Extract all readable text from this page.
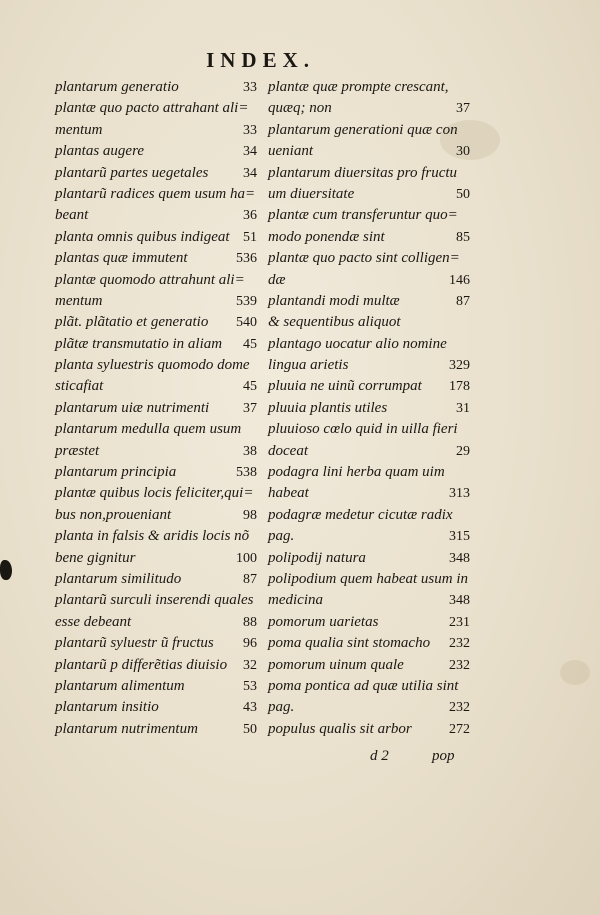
INDEX.
plantarum generatio	33
plantæ quo pacto attrahant ali=
mentum	33
plantas augere	34
plantarũ partes uegetales 34
plantarũ radices quem usum ha=
beant	36
planta omnis quibus indigeat 51
plantas quæ immutent	536
plantæ quomodo attrahunt ali=
mentum	539
plãt. plãtatio et generatio 540
plãtæ transmutatio in aliam 45
planta syluestris quomodo dome
sticafiat	45
plantarum uiæ nutrimenti 37
plantarum medulla quem usum
præstet	38
plantarum principia	538
plantæ quibus locis feliciter,qui=
bus non,proueniant	98
planta in falsis & aridis locis nõ
bene gignitur	100
plantarum similitudo	87
plantarũ surculi inserendi quales
esse debeant	88
plantarũ syluestr ũ fructus 96
plantarũ p differẽtias diuisio 32
plantarum alimentum	53
plantarum insitio	43
plantarum nutrimentum	50
plantæ quæ prompte crescant,
quæq; non	37
plantarum generationi quæ con
ueniant	30
plantarum diuersitas pro fructu
um diuersitate	50
plantæ cum transferuntur quo=
modo ponendæ sint	85
plantæ quo pacto sint colligen=
dæ	146
plantandi modi multæ	87
& sequentibus aliquot
plantago uocatur alio nomine
lingua arietis	329
pluuia ne uinũ corrumpat 178
pluuia plantis utiles	31
pluuioso cœlo quid in uilla fieri
doceat	29
podagra lini herba quam uim
habeat	313
podagræ medetur cicutæ radix
pag.	315
polipodij natura	348
polipodium quem habeat usum in
medicina	348
pomorum uarietas	231
poma qualia sint stomacho 232
pomorum uinum quale	232
poma pontica ad quæ utilia sint
pag.	232
populus qualis sit arbor	272
d 2	pop
